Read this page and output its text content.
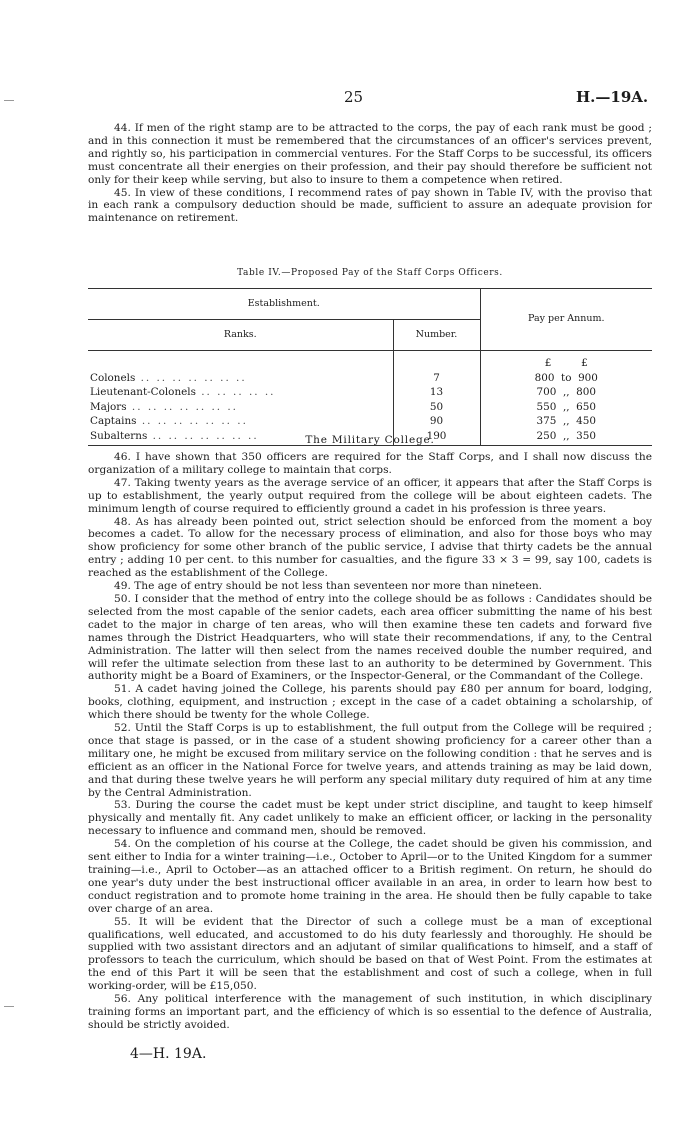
25	H.—19A.

44. If men of the right stamp are to be attracted to the corps, the pay of each rank must be good ; and in this connection it must be remembered that the circumstances of an officer's services prevent, and rightly so, his participation in commercial ventures. For the Staff Corps to be successful, its officers must concentrate all their energies on their profession, and their pay should therefore be sufficient not only for their keep while serving, but also to insure to them a competence when retired.

45. In view of these conditions, I recommend rates of pay shown in Table IV, with the proviso that in each rank a compulsory deduction should be made, sufficient to assure an adequate provision for maintenance on retirement.

Table IV.—Proposed Pay of the Staff Corps Officers.
Establishment.		Pay per Annum.
Ranks.	Number.	
		£         £
Colonels .. .. .. .. .. .. ..	7	800  to  900
Lieutenant-Colonels .. .. .. .. ..	13	700  ,,  800
Majors .. .. .. .. .. .. ..	50	550  ,,  650
Captains .. .. .. .. .. .. ..	90	375  ,,  450
Subalterns .. .. .. .. .. .. ..	190	250  ,,  350
The Military College.

46. I have shown that 350 officers are required for the Staff Corps, and I shall now discuss the organization of a military college to maintain that corps.

47. Taking twenty years as the average service of an officer, it appears that after the Staff Corps is up to establishment, the yearly output required from the college will be about eighteen cadets. The minimum length of course required to efficiently ground a cadet in his profession is three years.

48. As has already been pointed out, strict selection should be enforced from the moment a boy becomes a cadet. To allow for the necessary process of elimination, and also for those boys who may show proficiency for some other branch of the public service, I advise that thirty cadets be the annual entry ; adding 10 per cent. to this number for casualties, and the figure 33 × 3 = 99, say 100, cadets is reached as the establishment of the College.

49. The age of entry should be not less than seventeen nor more than nineteen.

50. I consider that the method of entry into the college should be as follows : Candidates should be selected from the most capable of the senior cadets, each area officer submitting the name of his best cadet to the major in charge of ten areas, who will then examine these ten cadets and forward five names through the District Headquarters, who will state their recommendations, if any, to the Central Administration. The latter will then select from the names received double the number required, and will refer the ultimate selection from these last to an authority to be determined by Government. This authority might be a Board of Examiners, or the Inspector-General, or the Commandant of the College.

51. A cadet having joined the College, his parents should pay £80 per annum for board, lodging, books, clothing, equipment, and instruction ; except in the case of a cadet obtaining a scholarship, of which there should be twenty for the whole College.

52. Until the Staff Corps is up to establishment, the full output from the College will be required ; once that stage is passed, or in the case of a student showing proficiency for a career other than a military one, he might be excused from military service on the following condition : that he serves and is efficient as an officer in the National Force for twelve years, and attends training as may be laid down, and that during these twelve years he will perform any special military duty required of him at any time by the Central Administration.

53. During the course the cadet must be kept under strict discipline, and taught to keep himself physically and mentally fit. Any cadet unlikely to make an efficient officer, or lacking in the personality necessary to influence and command men, should be removed.

54. On the completion of his course at the College, the cadet should be given his commission, and sent either to India for a winter training—i.e., October to April—or to the United Kingdom for a summer training—i.e., April to October—as an attached officer to a British regiment. On return, he should do one year's duty under the best instructional officer available in an area, in order to learn how best to conduct registration and to promote home training in the area. He should then be fully capable to take over charge of an area.

55. It will be evident that the Director of such a college must be a man of exceptional qualifications, well educated, and accustomed to do his duty fearlessly and thoroughly. He should be supplied with two assistant directors and an adjutant of similar qualifications to himself, and a staff of professors to teach the curriculum, which should be based on that of West Point. From the estimates at the end of this Part it will be seen that the establishment and cost of such a college, when in full working-order, will be £15,050.

56. Any political interference with the management of such institution, in which disciplinary training forms an important part, and the efficiency of which is so essential to the defence of Australia, should be strictly avoided.

4—H. 19A.
